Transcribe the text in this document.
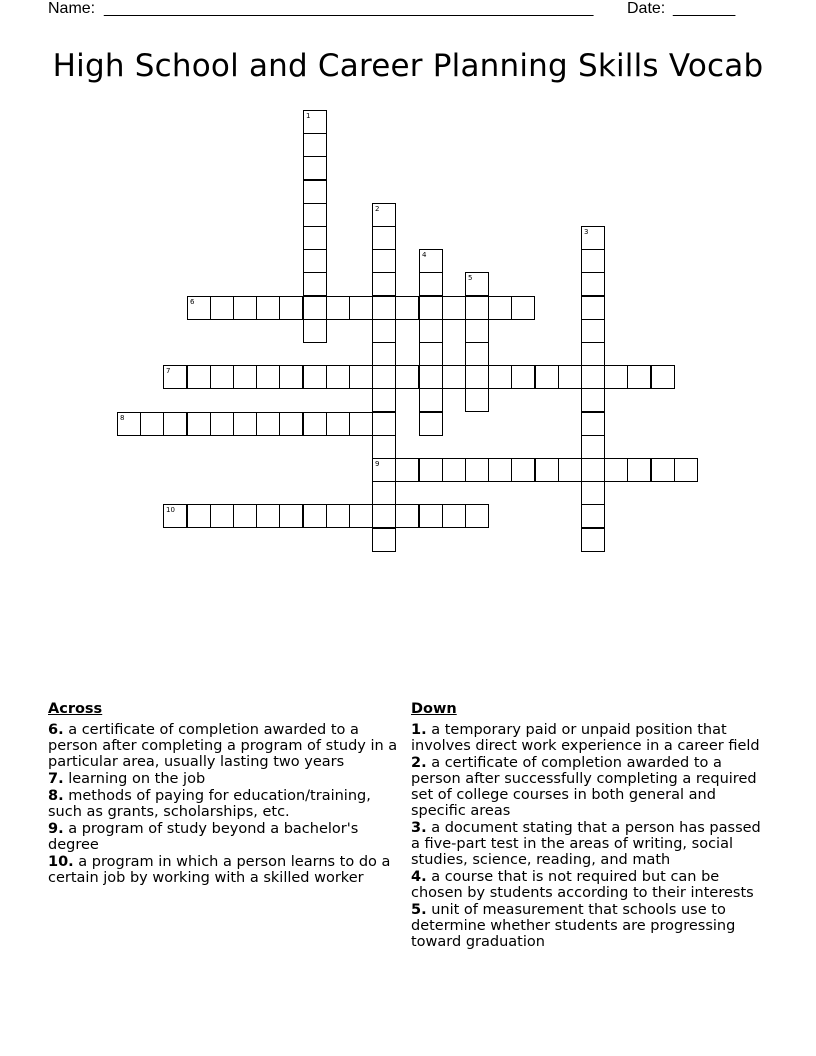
Name: _______________________________________________________ Date: _______
High School and Career Planning Skills Vocab
1
2
9
3
4
5
6
7
8
10
Across
6. a certificate of completion awarded to a person after completing a program of study in a particular area, usually lasting two years
7. learning on the job
8. methods of paying for education/training, such as grants, scholarships, etc.
9. a program of study beyond a bachelor's degree
10. a program in which a person learns to do a certain job by working with a skilled worker
Down
1. a temporary paid or unpaid position that involves direct work experience in a career field
2. a certificate of completion awarded to a person after successfully completing a required set of college courses in both general and specific areas
3. a document stating that a person has passed a five-part test in the areas of writing, social studies, science, reading, and math
4. a course that is not required but can be chosen by students according to their interests
5. unit of measurement that schools use to determine whether students are progressing toward graduation
